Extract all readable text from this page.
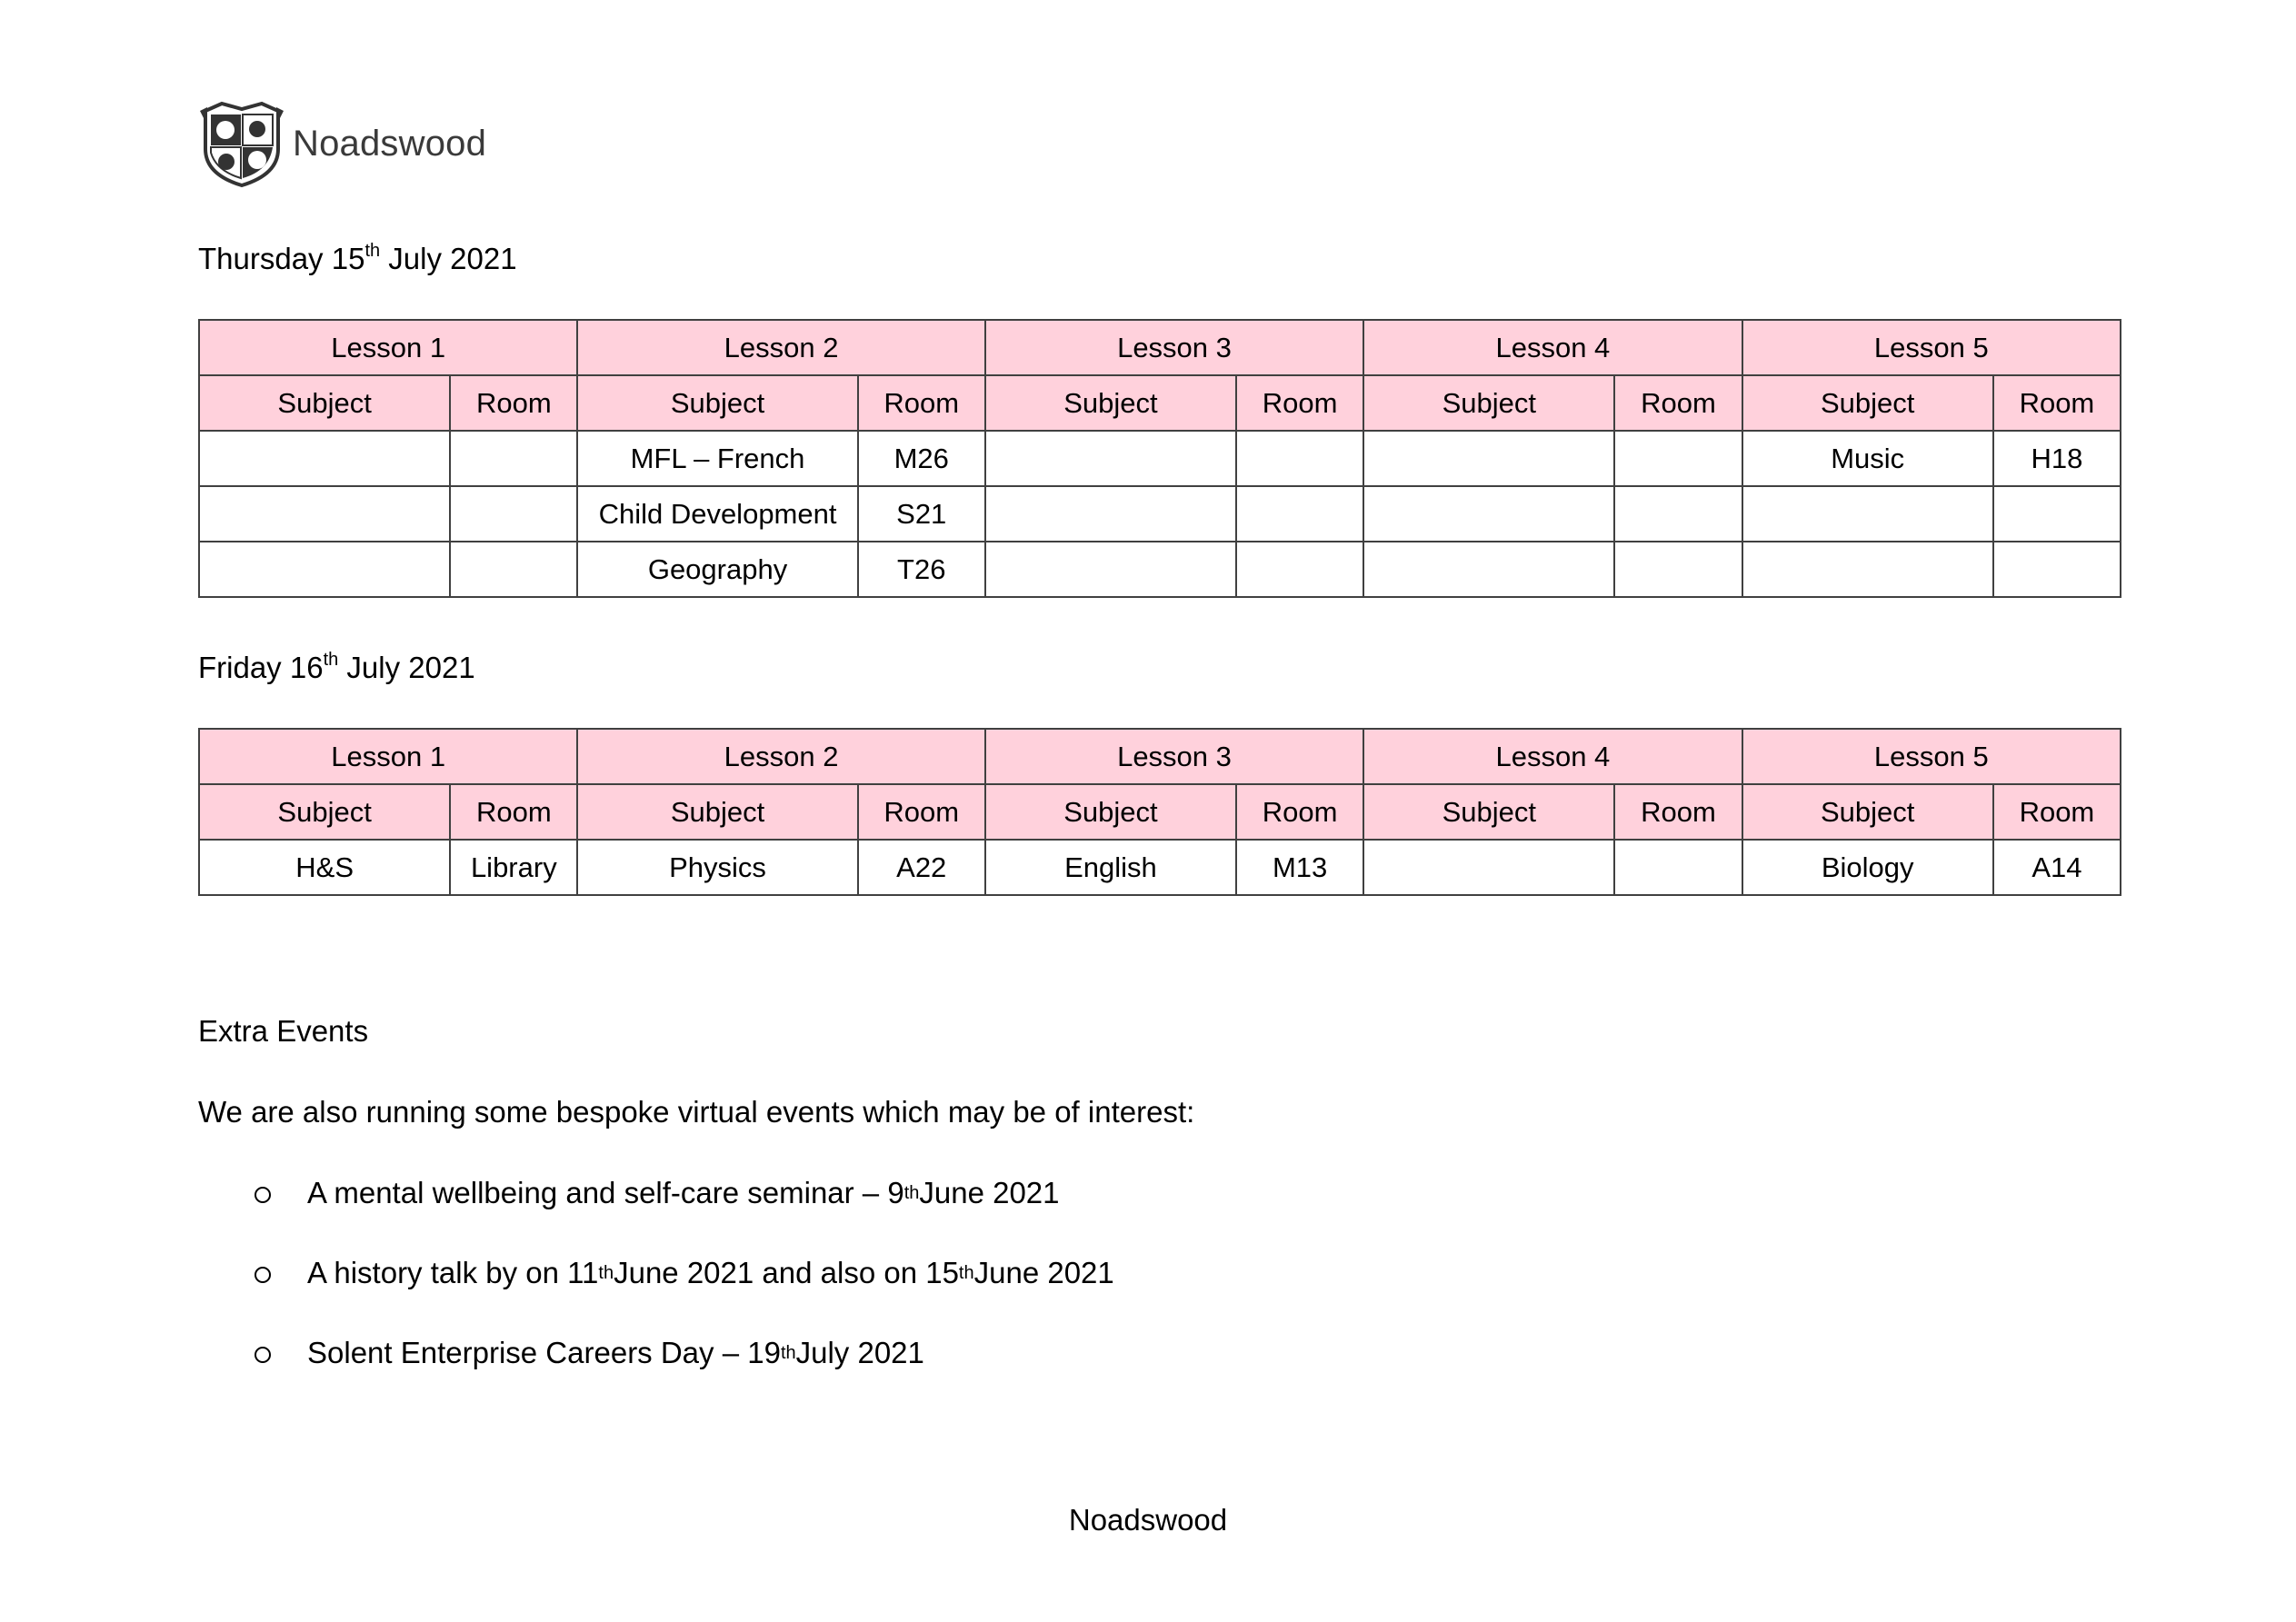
Noadswood
Thursday 15th July 2021
Lesson 1		Lesson 2		Lesson 3		Lesson 4		Lesson 5	
Subject	Room	Subject	Room	Subject	Room	Subject	Room	Subject	Room
		MFL – French	M26					Music	H18
		Child Development	S21						
		Geography	T26						
Friday 16th July 2021
Lesson 1		Lesson 2		Lesson 3		Lesson 4		Lesson 5	
Subject	Room	Subject	Room	Subject	Room	Subject	Room	Subject	Room
H&S	Library	Physics	A22	English	M13			Biology	A14
Extra Events
We are also running some bespoke virtual events which may be of interest:
A mental wellbeing and self-care seminar – 9 th June 2021
A history talk by on 11 th June 2021 and also on 15 th June 2021
Solent Enterprise Careers Day – 19 th July 2021
Noadswood
